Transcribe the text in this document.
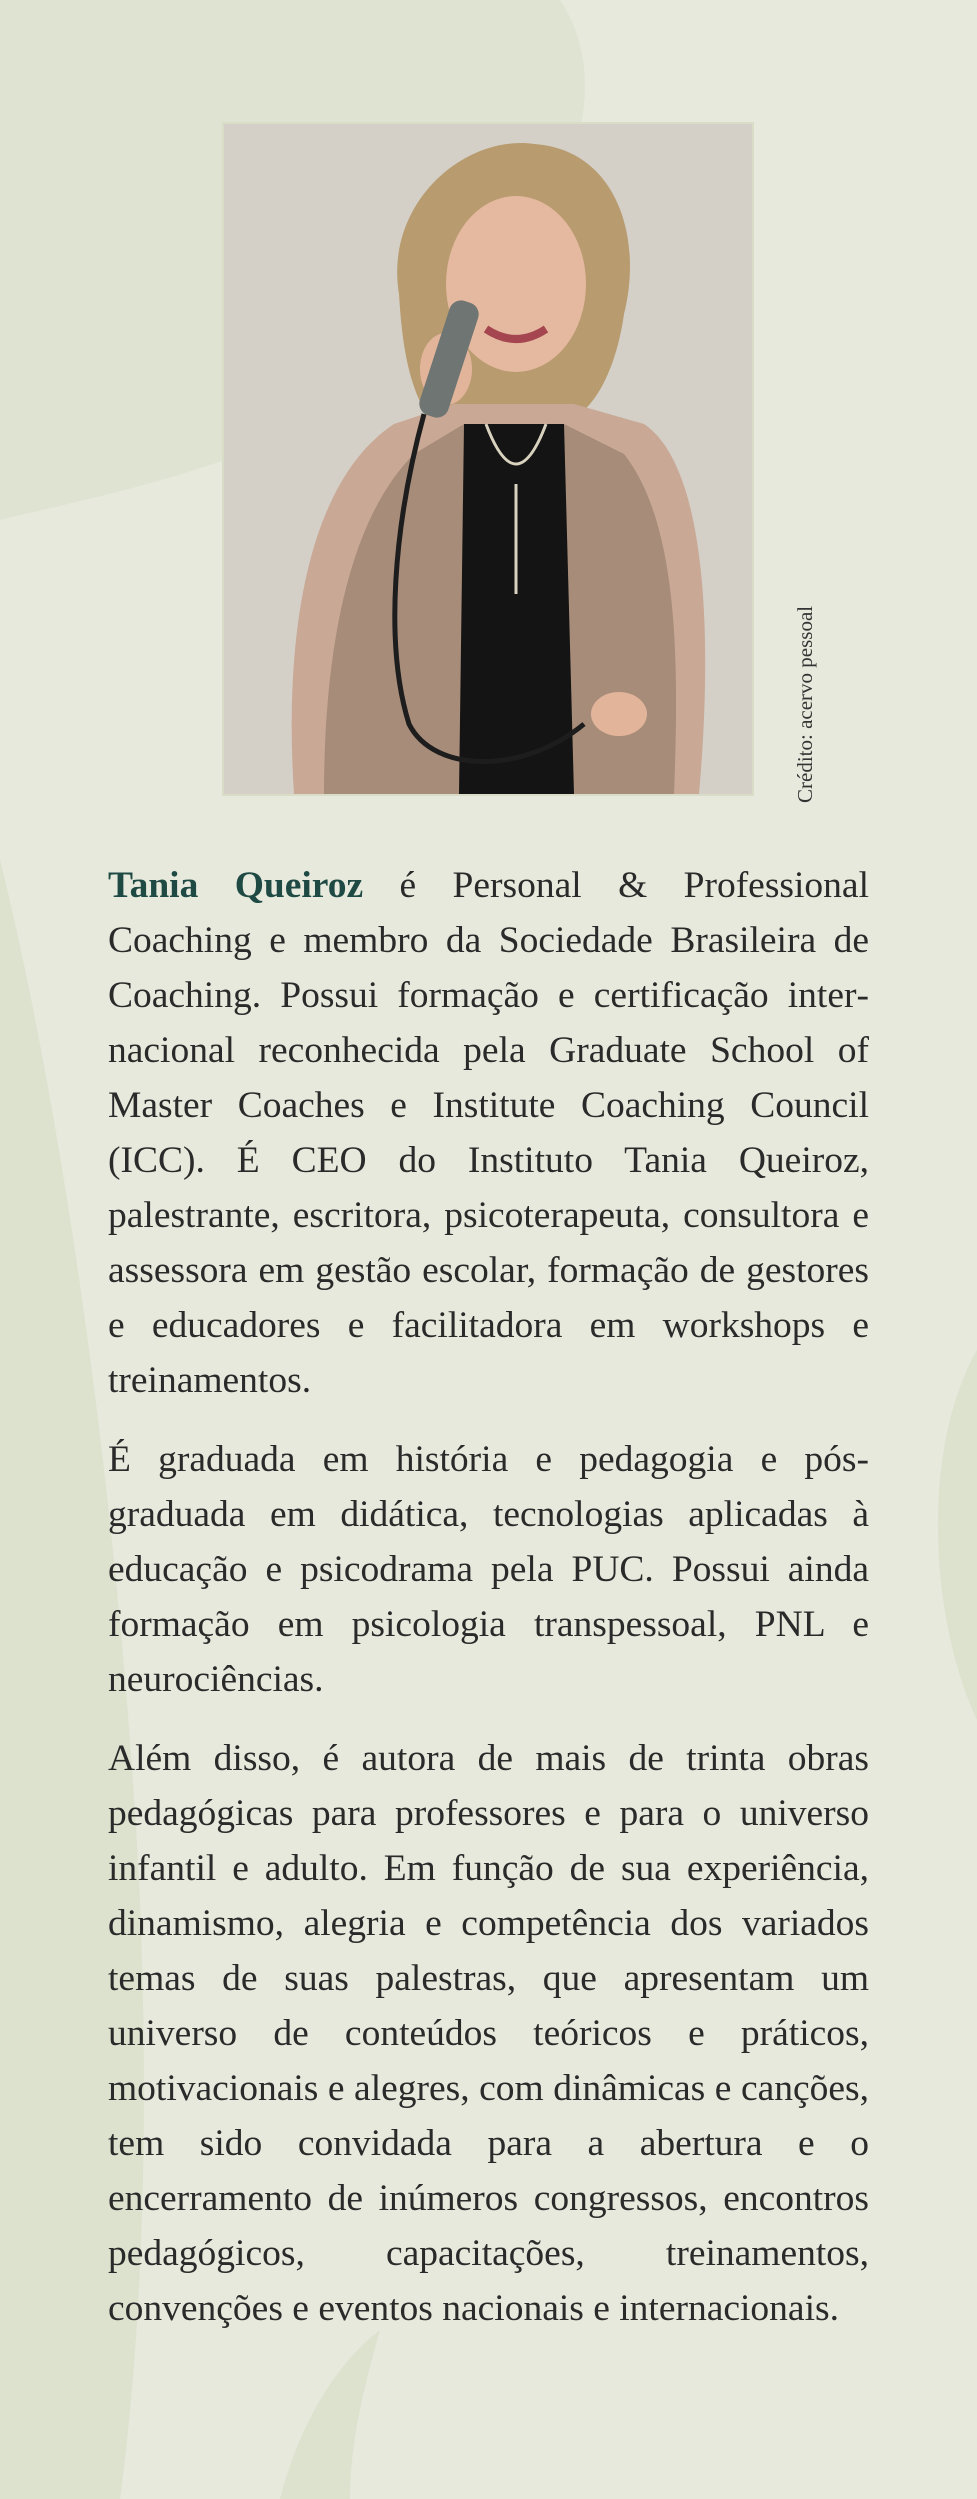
Crédito: acervo pessoal

Tania Queiroz é Personal & Professional Coaching e membro da Sociedade Brasileira de Coaching. Possui formação e certificação internacional reconhecida pela Graduate School of Master Coaches e Institute Coaching Council (ICC). É CEO do Instituto Tania Queiroz, palestrante, escritora, psicoterapeuta, consultora e assessora em gestão escolar, formação de gestores e educadores e facilitadora em workshops e treinamentos.

É graduada em história e pedagogia e pós-graduada em didática, tecnologias aplicadas à educação e psicodrama pela PUC. Possui ainda formação em psicologia transpessoal, PNL e neurociências.

Além disso, é autora de mais de trinta obras pedagógicas para professores e para o universo infantil e adulto. Em função de sua experiência, dinamismo, alegria e competência dos variados temas de suas palestras, que apresentam um universo de conteúdos teóricos e práticos, motivacionais e alegres, com dinâmicas e canções, tem sido convidada para a abertura e o encerramento de inúmeros congressos, encontros pedagógicos, capacitações, treinamentos, convenções e eventos nacionais e internacionais.
